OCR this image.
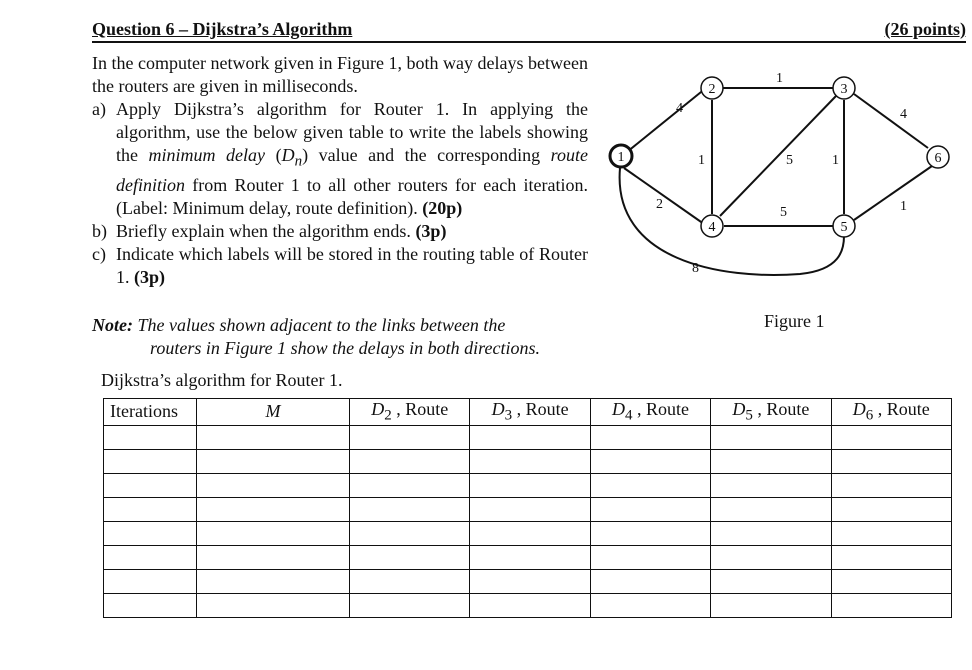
Question 6 – Dijkstra’s Algorithm	(26 points)

In the computer network given in Figure 1, both way delays between the routers are given in milliseconds.

a) Apply Dijkstra’s algorithm for Router 1. In applying the algorithm, use the below given table to write the labels showing the minimum delay $(D_n)$ value and the corresponding route definition from Router 1 to all other routers for each iteration. (Label: Minimum delay, route definition). (20p)
b) Briefly explain when the algorithm ends. (3p)
c) Indicate which labels will be stored in the routing table of Router 1. (3p)
Note: The values shown adjacent to the links between the
routers in Figure 1 show the delays in both directions.
1
2	3
4	5
6
4
1
4
1	5	1
1
2
5
8
Figure 1
Dijkstra’s algorithm for Router 1.
Iterations	M	$D_2$ , Route	$D_3$ , Route	$D_4$ , Route	$D_5$ , Route	$D_6$ , Route
